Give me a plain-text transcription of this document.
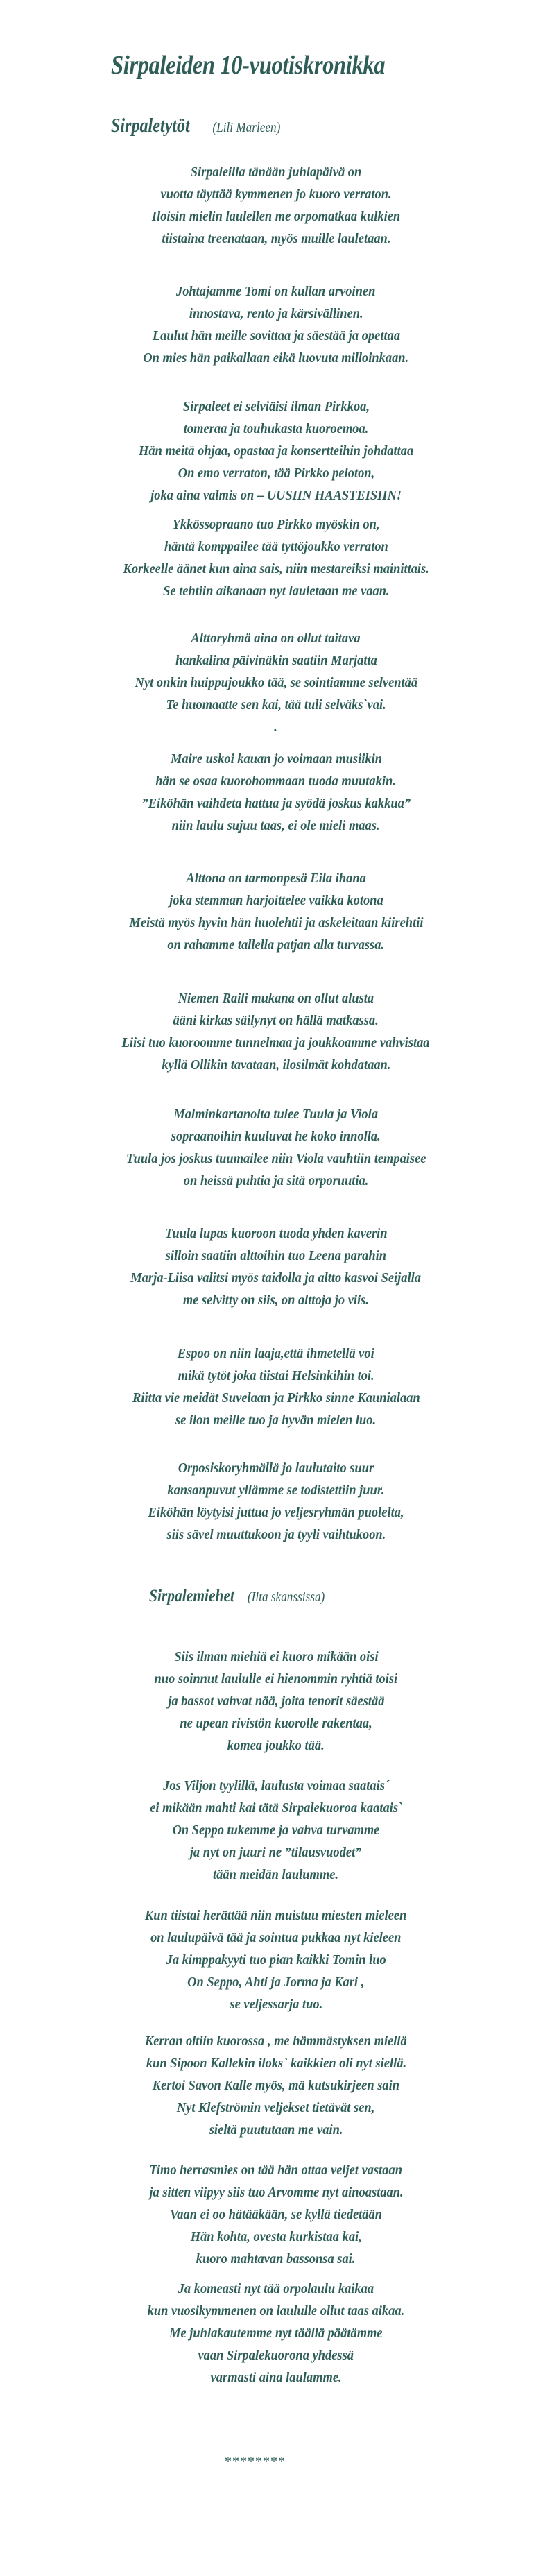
Sirpaleiden 10-vuotiskronikka
Sirpaletytöt (Lili Marleen)
Sirpaleilla tänään juhlapäivä on
vuotta täyttää kymmenen jo kuoro verraton.
Iloisin mielin laulellen me orpomatkaa kulkien
tiistaina treenataan, myös muille lauletaan.
Johtajamme Tomi on kullan arvoinen
innostava, rento ja kärsivällinen.
Laulut hän meille sovittaa ja säestää ja opettaa
On mies hän paikallaan eikä luovuta milloinkaan.
Sirpaleet ei selviäisi ilman Pirkkoa,
tomeraa ja touhukasta kuoroemoa.
Hän meitä ohjaa, opastaa ja konsertteihin johdattaa
On emo verraton, tää Pirkko peloton,
joka aina valmis on – UUSIIN HAASTEISIIN!
Ykkössopraano tuo Pirkko myöskin on,
häntä komppailee tää tyttöjoukko verraton
Korkeelle äänet kun aina sais, niin mestareiksi mainittais.
Se tehtiin aikanaan nyt lauletaan me vaan.
Alttoryhmä aina on ollut taitava
hankalina päivinäkin saatiin Marjatta
Nyt onkin huippujoukko tää, se sointiamme selventää
Te huomaatte sen kai, tää tuli selväks`vai.
.
Maire uskoi kauan jo voimaan musiikin
hän se osaa kuorohommaan tuoda muutakin.
”Eiköhän vaihdeta hattua ja syödä joskus kakkua”
niin laulu sujuu taas, ei ole mieli maas.
Alttona on tarmonpesä Eila ihana
joka stemman harjoittelee vaikka kotona
Meistä myös hyvin hän huolehtii ja askeleitaan kiirehtii
on rahamme tallella patjan alla turvassa.
Niemen Raili mukana on ollut alusta
ääni kirkas säilynyt on hällä matkassa.
Liisi tuo kuoroomme tunnelmaa ja joukkoamme vahvistaa
kyllä Ollikin tavataan, ilosilmät kohdataan.
Malminkartanolta tulee Tuula ja Viola
sopraanoihin kuuluvat he koko innolla.
Tuula jos joskus tuumailee niin Viola vauhtiin tempaisee
on heissä puhtia ja sitä orporuutia.
Tuula lupas kuoroon tuoda yhden kaverin
silloin saatiin alttoihin tuo Leena parahin
Marja-Liisa valitsi myös taidolla ja altto kasvoi Seijalla
me selvitty on siis, on alttoja jo viis.
Espoo on niin laaja,että ihmetellä voi
mikä tytöt joka tiistai Helsinkihin toi.
Riitta vie meidät Suvelaan ja Pirkko sinne Kaunialaan
se ilon meille tuo ja hyvän mielen luo.
Orposiskoryhmällä jo laulutaito suur
kansanpuvut yllämme se todistettiin juur.
Eiköhän löytyisi juttua jo veljesryhmän puolelta,
siis sävel muuttukoon ja tyyli vaihtukoon.
Sirpalemiehet (Ilta skanssissa)
Siis ilman miehiä ei kuoro mikään oisi
nuo soinnut laululle ei hienommin ryhtiä toisi
ja bassot vahvat nää, joita tenorit säestää
ne upean rivistön kuorolle rakentaa,
komea joukko tää.
Jos Viljon tyylillä, laulusta voimaa saatais´
ei mikään mahti kai tätä Sirpalekuoroa kaatais`
On Seppo tukemme ja vahva turvamme
ja nyt on juuri ne ”tilausvuodet”
tään meidän laulumme.
Kun tiistai herättää niin muistuu miesten mieleen
on laulupäivä tää ja sointua pukkaa nyt kieleen
Ja kimppakyyti tuo pian kaikki Tomin luo
On Seppo, Ahti ja Jorma ja Kari ,
se veljessarja tuo.
Kerran oltiin kuorossa , me hämmästyksen miellä
kun Sipoon Kallekin iloks` kaikkien oli nyt siellä.
Kertoi Savon Kalle myös, mä kutsukirjeen sain
Nyt Klefströmin veljekset tietävät sen,
sieltä puututaan me vain.
Timo herrasmies on tää hän ottaa veljet vastaan
ja sitten viipyy siis tuo Arvomme nyt ainoastaan.
Vaan ei oo hätääkään, se kyllä tiedetään
Hän kohta, ovesta kurkistaa kai,
kuoro mahtavan bassonsa sai.
Ja komeasti nyt tää orpolaulu kaikaa
kun vuosikymmenen on laululle ollut taas aikaa.
Me juhlakautemme nyt täällä päätämme
vaan Sirpalekuorona yhdessä
varmasti aina laulamme.
********
